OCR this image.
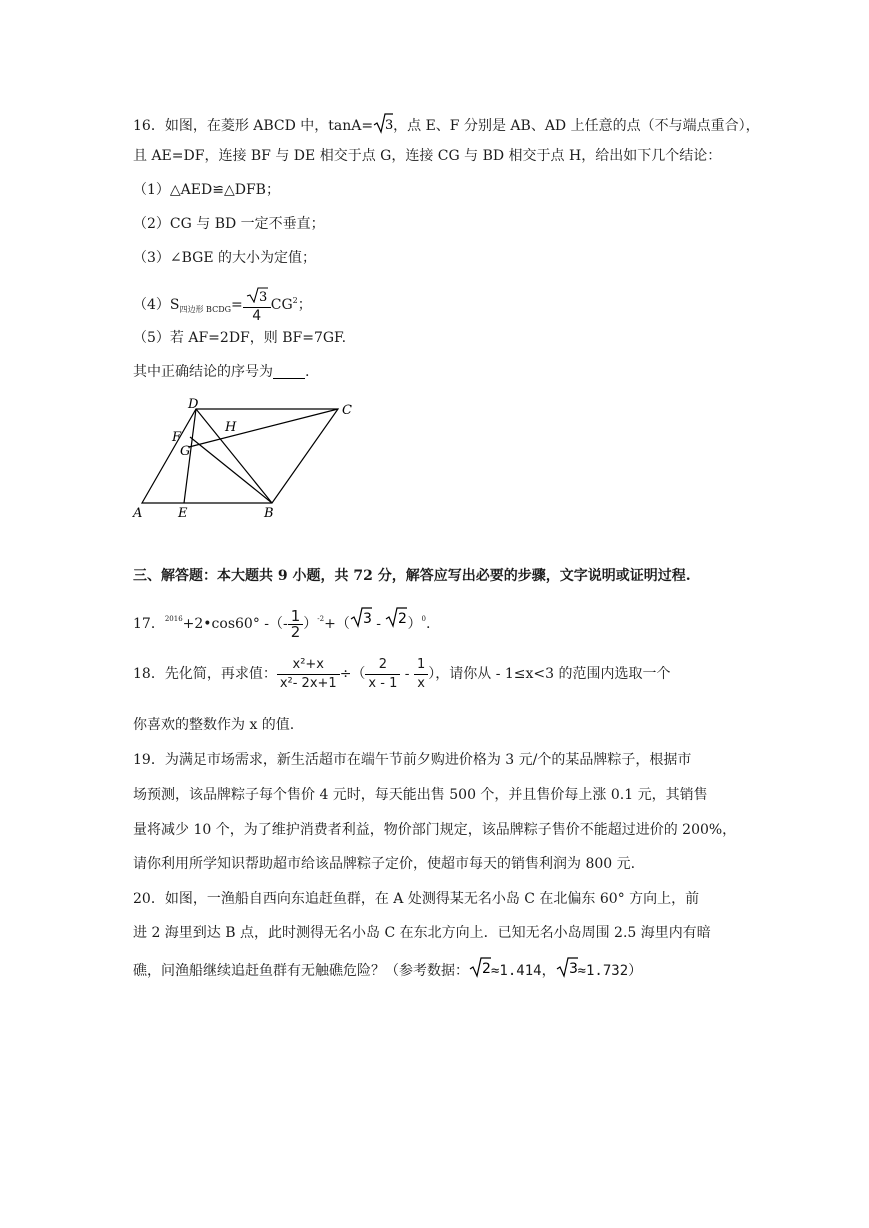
16．如图，在菱形 ABCD 中，tanA= 3 ，点 E、F 分别是 AB、AD 上任意的点（不与端点重合），
且 AE=DF，连接 BF 与 DE 相交于点 G，连接 CG 与 BD 相交于点 H，给出如下几个结论：
（1）△AED≌△DFB；
（2）CG 与 BD 一定不垂直；
（3）∠BGE 的大小为定值；
$(4)S_{四边形 BCDG}= \frac{3}{4} CG^2$；
（5）若 AF=2DF，则 BF=7GF.
其中正确结论的序号为 .
D	C
F
G
H
A	E	B
三、解答题：本大题共 9 小题，共 72 分，解答应写出必要的步骤，文字说明或证明过程.
17．$^{2016}$+2•cos60° -（- $\frac{1}{2} )^{-2}+$（ 3 - 2 ）$^0$.
18．先化简，再求值： $\frac{\text{x²+x}}{\text{x²- 2x+1}}$ ÷（ $\frac{2}{x - 1} - \frac{1}{x}$ ），请你从 - 1≤x<3 的范围内选取一个
你喜欢的整数作为 x 的值.
19．为满足市场需求，新生活超市在端午节前夕购进价格为 3 元/个的某品牌粽子，根据市
场预测，该品牌粽子每个售价 4 元时，每天能出售 500 个，并且售价每上涨 0.1 元，其销售
量将减少 10 个，为了维护消费者利益，物价部门规定，该品牌粽子售价不能超过进价的 200%，
请你利用所学知识帮助超市给该品牌粽子定价，使超市每天的销售利润为 800 元.
20．如图，一渔船自西向东追赶鱼群，在 A 处测得某无名小岛 C 在北偏东 60° 方向上，前
进 2 海里到达 B 点，此时测得无名小岛 C 在东北方向上．已知无名小岛周围 2.5 海里内有暗
礁，问渔船继续追赶鱼群有无触礁危险？（参考数据： 2 ≈1.414， 3 ≈1.732）
